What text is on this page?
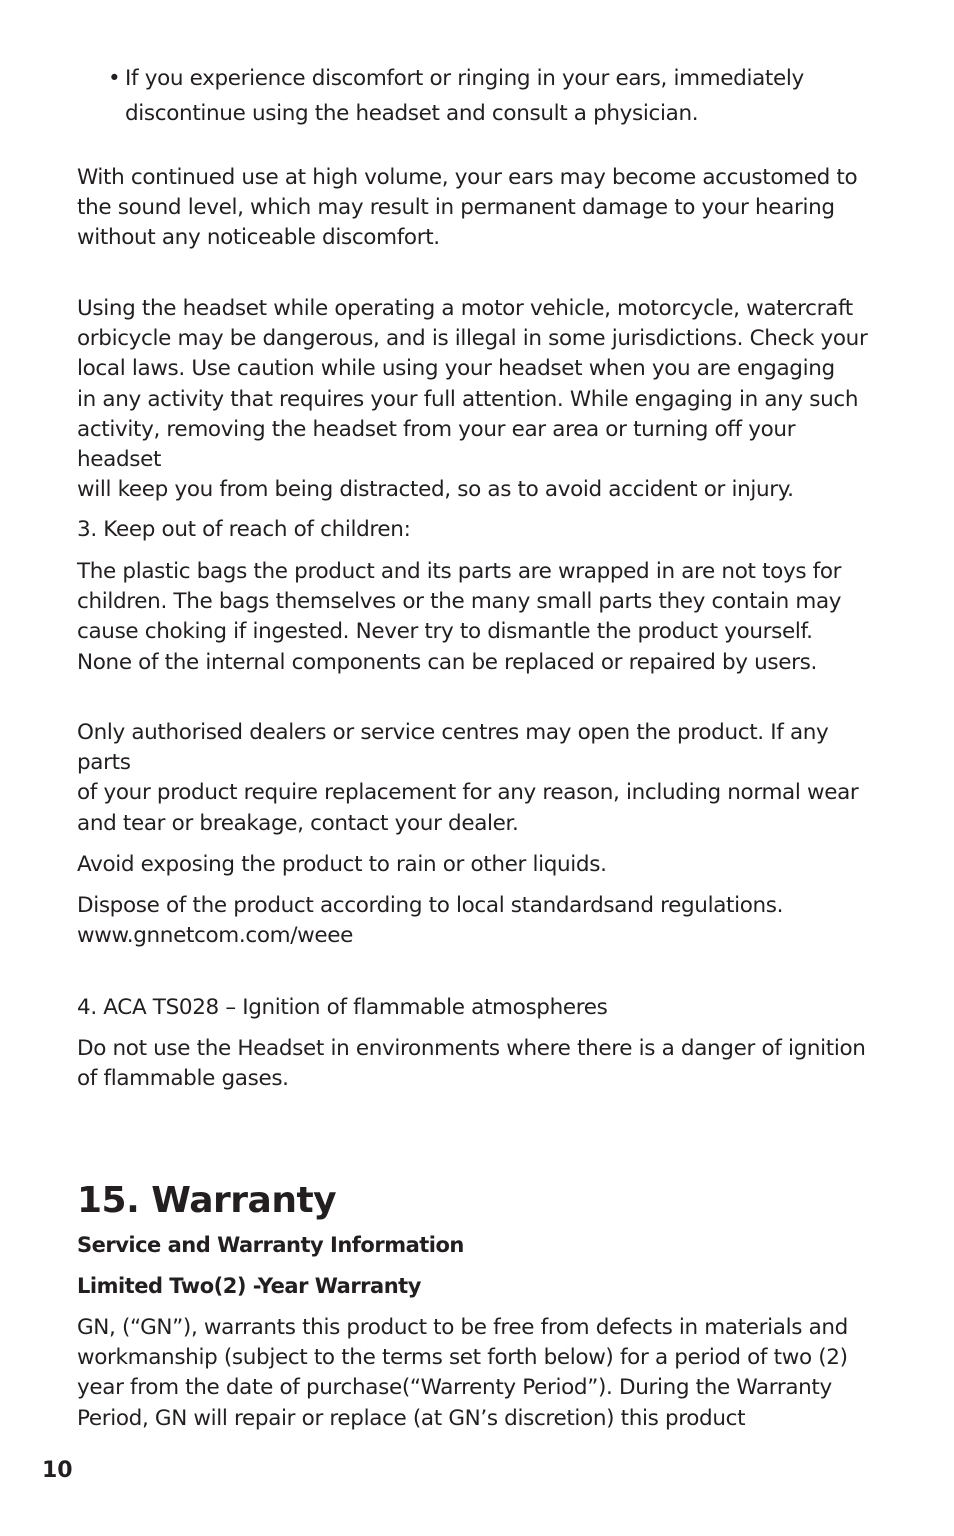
• If you experience discomfort or ringing in your ears, immediately
discontinue using the headset and consult a physician.

With continued use at high volume, your ears may become accustomed to
the sound level, which may result in permanent damage to your hearing
without any noticeable discomfort.

Using the headset while operating a motor vehicle, motorcycle, watercraft
orbicycle may be dangerous, and is illegal in some jurisdictions. Check your
local laws. Use caution while using your headset when you are engaging
in any activity that requires your full attention. While engaging in any such
activity, removing the headset from your ear area or turning off your headset
will keep you from being distracted, so as to avoid accident or injury.

3. Keep out of reach of children:

The plastic bags the product and its parts are wrapped in are not toys for
children. The bags themselves or the many small parts they contain may
cause choking if ingested. Never try to dismantle the product yourself.
None of the internal components can be replaced or repaired by users.

Only authorised dealers or service centres may open the product. If any parts
of your product require replacement for any reason, including normal wear
and tear or breakage, contact your dealer.

Avoid exposing the product to rain or other liquids.

Dispose of the product according to local standardsand regulations.
www.gnnetcom.com/weee

4. ACA TS028 – Ignition of flammable atmospheres

Do not use the Headset in environments where there is a danger of ignition
of flammable gases.

15. Warranty
Service and Warranty Information
Limited Two(2) -Year Warranty

GN, (“GN”), warrants this product to be free from defects in materials and
workmanship (subject to the terms set forth below) for a period of two (2)
year from the date of purchase(“Warrenty Period”). During the Warranty
Period, GN will repair or replace (at GN’s discretion) this product

10
